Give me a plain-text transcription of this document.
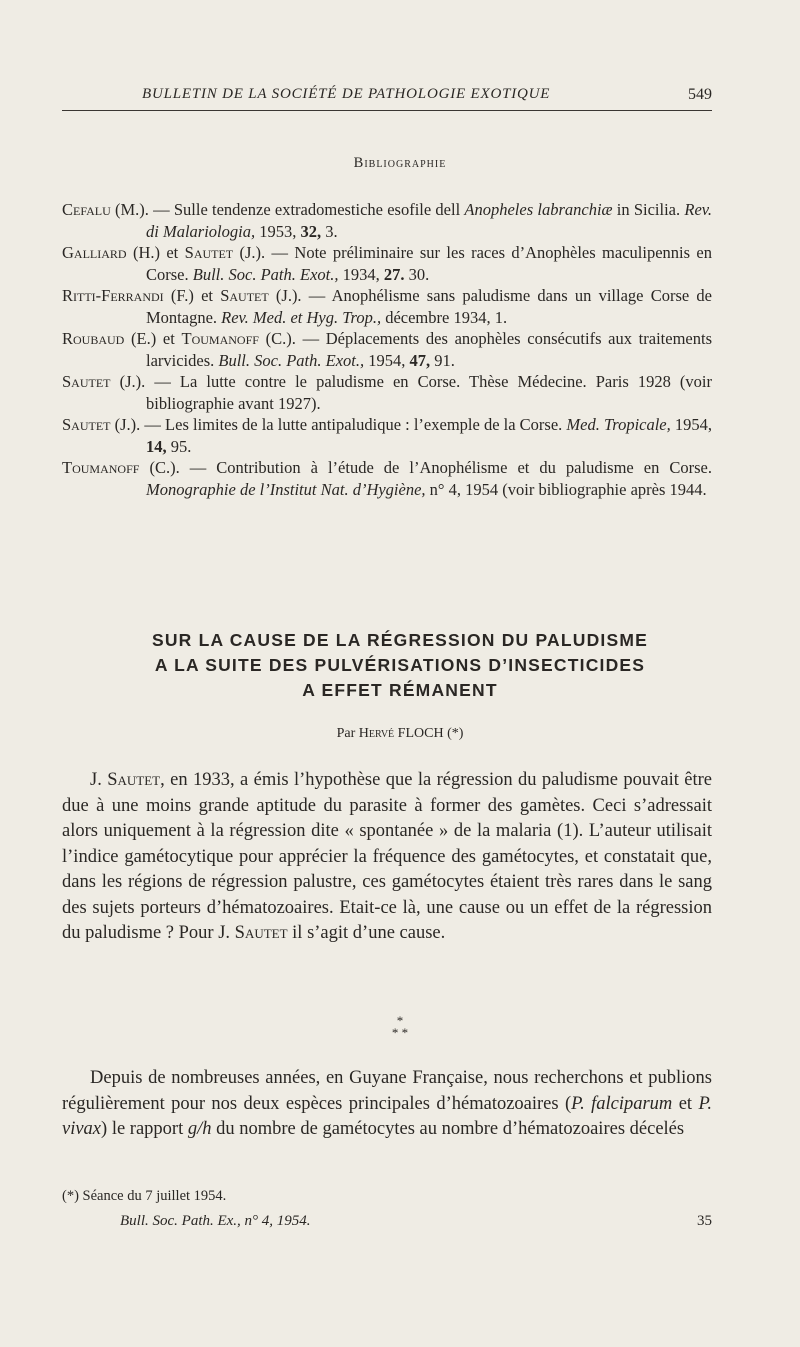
BULLETIN DE LA SOCIÉTÉ DE PATHOLOGIE EXOTIQUE	549
Bibliographie

Cefalu (M.). — Sulle tendenze extradomestiche esofile dell Anopheles labranchiæ in Sicilia. Rev. di Malariologia, 1953, 32, 3.

Galliard (H.) et Sautet (J.). — Note préliminaire sur les races d’Anophèles maculipennis en Corse. Bull. Soc. Path. Exot., 1934, 27. 30.

Ritti-Ferrandi (F.) et Sautet (J.). — Anophélisme sans paludisme dans un village Corse de Montagne. Rev. Med. et Hyg. Trop., décembre 1934, 1.

Roubaud (E.) et Toumanoff (C.). — Déplacements des anophèles consécutifs aux traitements larvicides. Bull. Soc. Path. Exot., 1954, 47, 91.

Sautet (J.). — La lutte contre le paludisme en Corse. Thèse Médecine. Paris 1928 (voir bibliographie avant 1927).

Sautet (J.). — Les limites de la lutte antipaludique : l’exemple de la Corse. Med. Tropicale, 1954, 14, 95.

Toumanoff (C.). — Contribution à l’étude de l’Anophélisme et du paludisme en Corse. Monographie de l’Institut Nat. d’Hygiène, n° 4, 1954 (voir bibliographie après 1944.

SUR LA CAUSE DE LA RÉGRESSION DU PALUDISME
A LA SUITE DES PULVÉRISATIONS D’INSECTICIDES
A EFFET RÉMANENT
Par Hervé FLOCH (*)

J. Sautet, en 1933, a émis l’hypothèse que la régression du paludisme pouvait être due à une moins grande aptitude du parasite à former des gamètes. Ceci s’adressait alors uniquement à la régression dite « spontanée » de la malaria (1). L’auteur utilisait l’indice gamétocytique pour apprécier la fréquence des gamétocytes, et constatait que, dans les régions de régression palustre, ces gamétocytes étaient très rares dans le sang des sujets porteurs d’hématozoaires. Etait-ce là, une cause ou un effet de la régression du paludisme ? Pour J. Sautet il s’agit d’une cause.

*
* *

Depuis de nombreuses années, en Guyane Française, nous recherchons et publions régulièrement pour nos deux espèces principales d’hématozoaires (P. falciparum et P. vivax) le rapport g/h du nombre de gamétocytes au nombre d’hématozoaires décelés

(*) Séance du 7 juillet 1954.
Bull. Soc. Path. Ex., n° 4, 1954.	35
